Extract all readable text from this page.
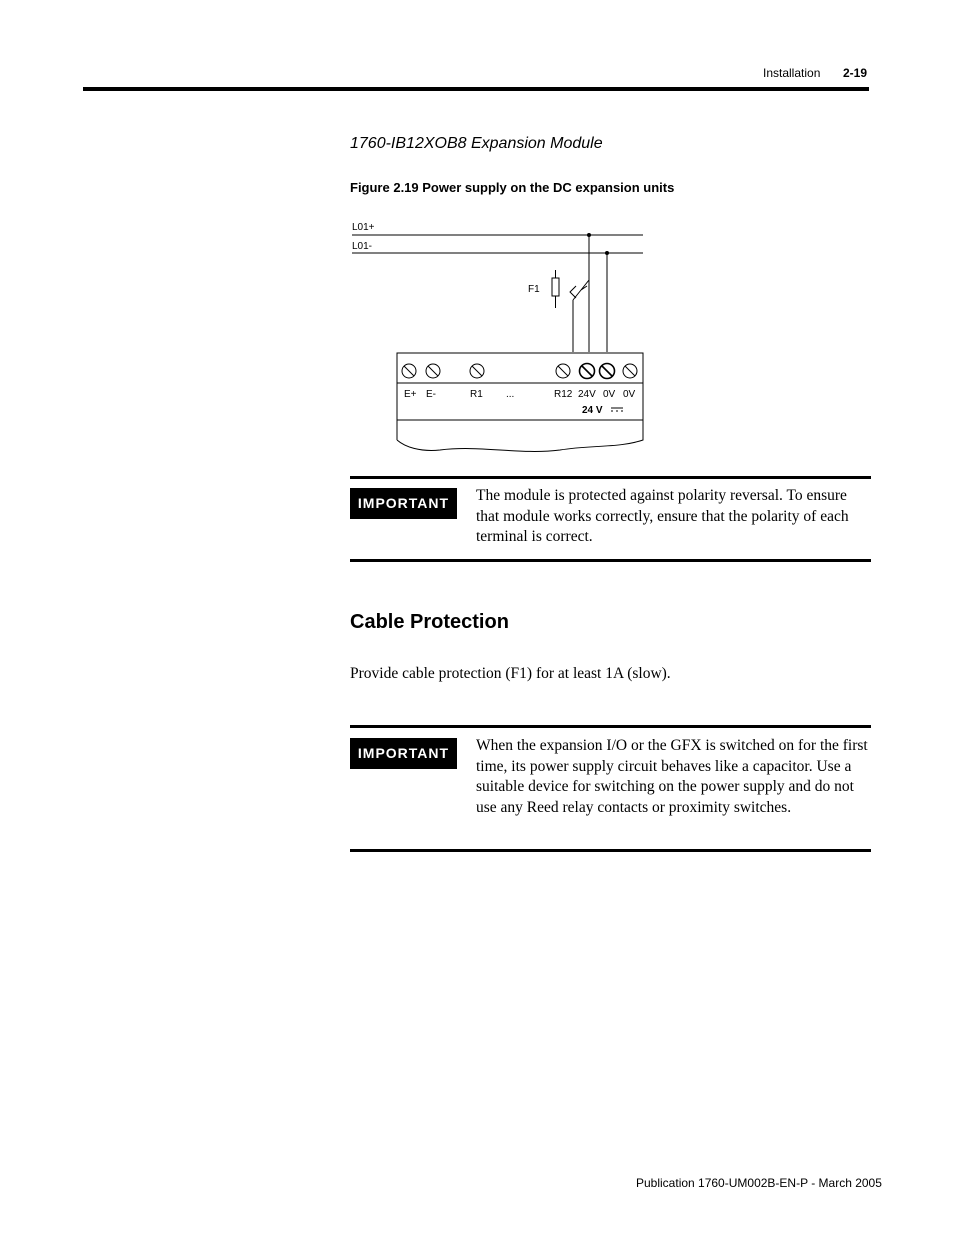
Installation 2-19
1760-IB12XOB8 Expansion Module
Figure 2.19 Power supply on the DC expansion units
L01+
L01-
F1
E+ E-	R1 ...	R12 24V 0V 0V
24 V
IMPORTANT	The module is protected against polarity reversal. To ensure that module works correctly, ensure that the polarity of each terminal is correct.
Cable Protection
Provide cable protection (F1) for at least 1A (slow).
IMPORTANT	When the expansion I/O or the GFX is switched on for the first time, its power supply circuit behaves like a capacitor. Use a suitable device for switching on the power supply and do not use any Reed relay contacts or proximity switches.
Publication 1760-UM002B-EN-P - March 2005
